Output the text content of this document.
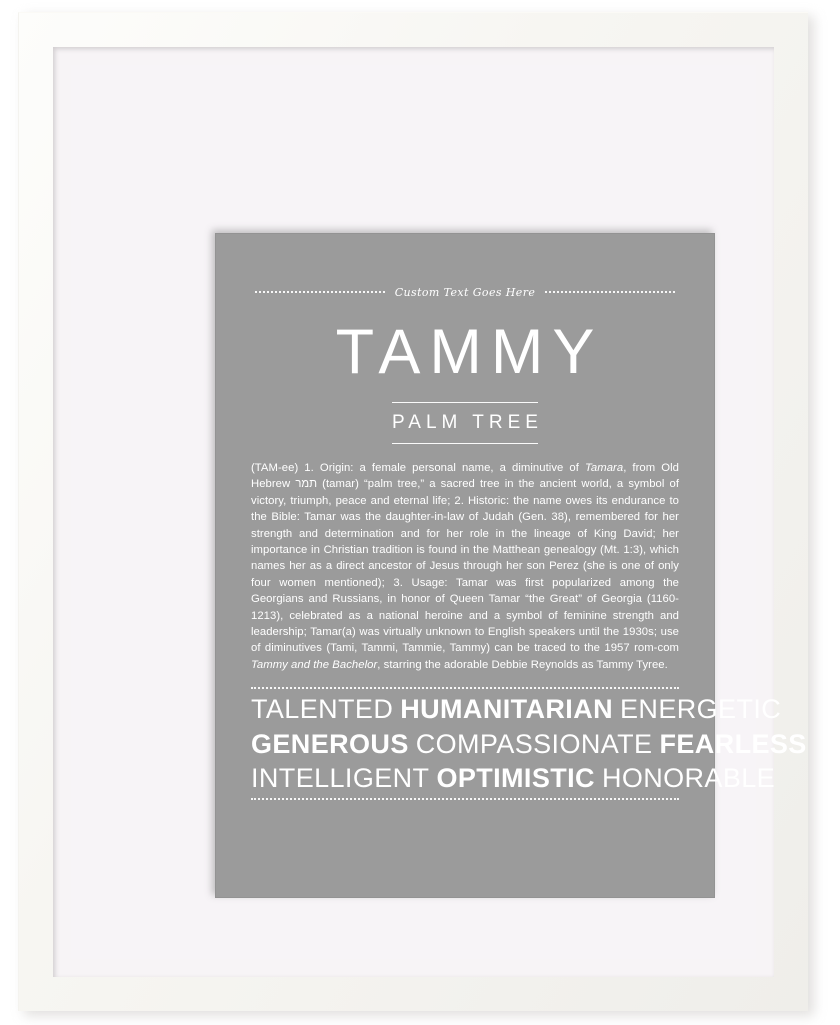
Custom Text Goes Here
TAMMY
PALM TREE
(TAM-ee) 1. Origin: a female personal name, a diminutive of Tamara, from Old Hebrew תמר (tamar) “palm tree,” a sacred tree in the ancient world, a symbol of victory, triumph, peace and eternal life; 2. Historic: the name owes its endurance to the Bible: Tamar was the daughter-in-law of Judah (Gen. 38), remembered for her strength and determination and for her role in the lineage of King David; her importance in Christian tradition is found in the Matthean genealogy (Mt. 1:3), which names her as a direct ancestor of Jesus through her son Perez (she is one of only four women mentioned); 3. Usage: Tamar was first popularized among the Georgians and Russians, in honor of Queen Tamar “the Great” of Georgia (1160-1213), celebrated as a national heroine and a symbol of feminine strength and leadership; Tamar(a) was virtually unknown to English speakers until the 1930s; use of diminutives (Tami, Tammi, Tammie, Tammy) can be traced to the 1957 rom-com Tammy and the Bachelor, starring the adorable Debbie Reynolds as Tammy Tyree.
TALENTED HUMANITARIAN ENERGETIC
GENEROUS COMPASSIONATE FEARLESS
INTELLIGENT OPTIMISTIC HONORABLE
